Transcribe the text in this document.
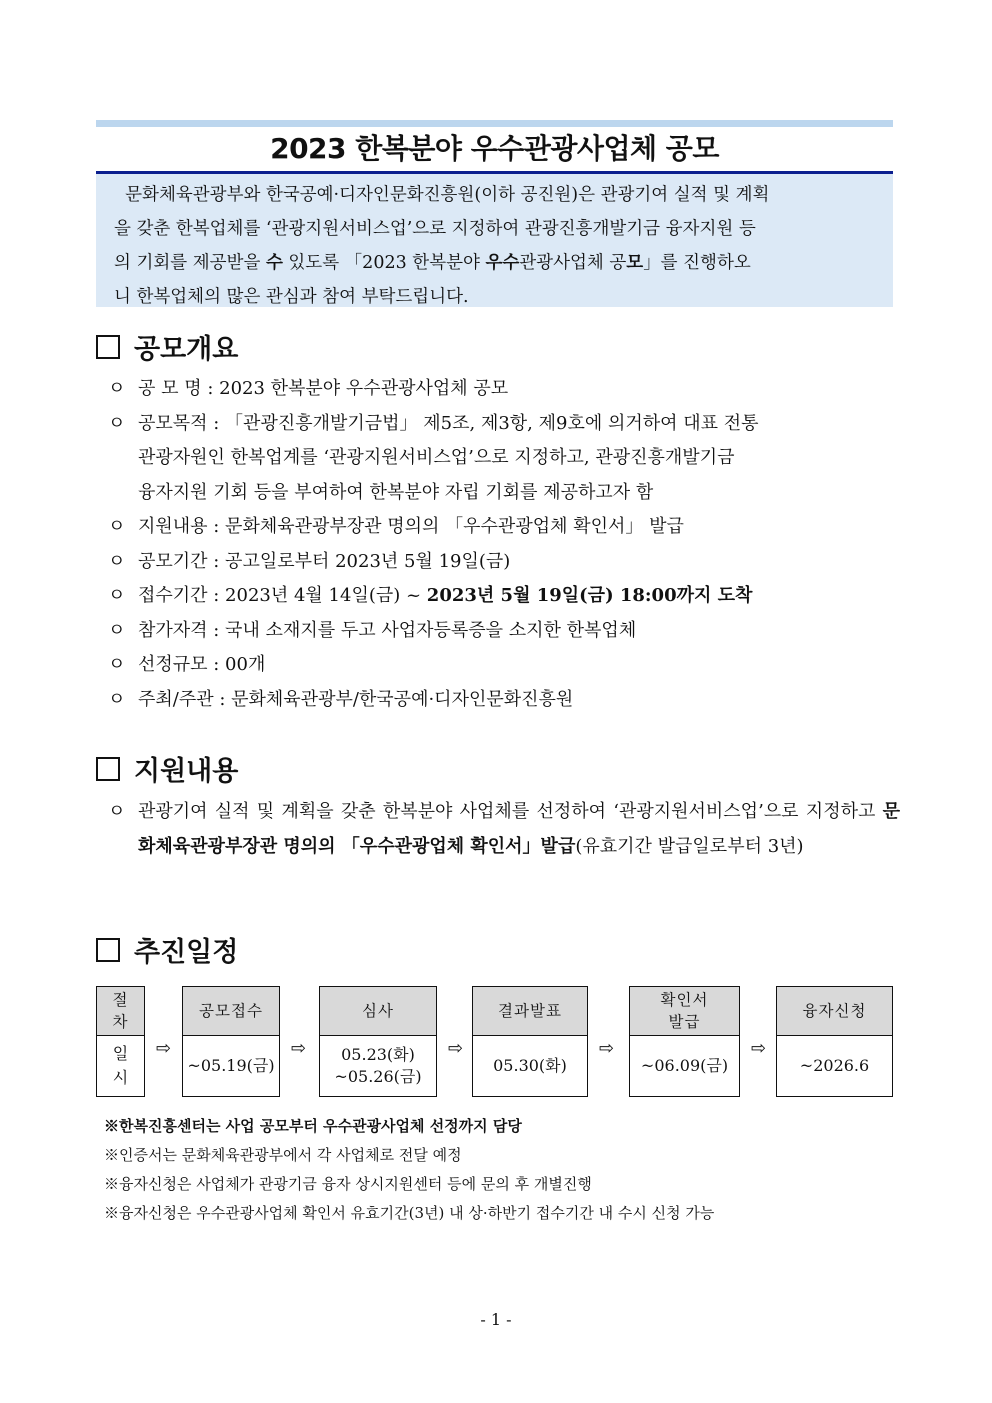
2023 한복분야 우수관광사업체 공모
문화체육관광부와 한국공예·디자인문화진흥원(이하 공진원)은 관광기여 실적 및 계획
을 갖춘 한복업체를 ‘관광지원서비스업’으로 지정하여 관광진흥개발기금 융자지원 등
의 기회를 제공받을 수 있도록 「2023 한복분야 우수관광사업체 공모」를 진행하오
니 한복업체의 많은 관심과 참여 부탁드립니다.
공모개요
ㅇ 공 모 명 : 2023 한복분야 우수관광사업체 공모
ㅇ 공모목적 : 「관광진흥개발기금법」 제5조, 제3항, 제9호에 의거하여 대표 전통
관광자원인 한복업계를 ‘관광지원서비스업’으로 지정하고, 관광진흥개발기금
융자지원 기회 등을 부여하여 한복분야 자립 기회를 제공하고자 함
ㅇ 지원내용 : 문화체육관광부장관 명의의 「우수관광업체 확인서」 발급
ㅇ 공모기간 : 공고일로부터 2023년 5월 19일(금)
ㅇ 접수기간 : 2023년 4월 14일(금) ~ 2023년 5월 19일(금) 18:00까지 도착
ㅇ 참가자격 : 국내 소재지를 두고 사업자등록증을 소지한 한복업체
ㅇ 선정규모 : 00개
ㅇ 주최/주관 : 문화체육관광부/한국공예·디자인문화진흥원
지원내용
ㅇ 관광기여 실적 및 계획을 갖춘 한복분야 사업체를 선정하여 ‘관광지원서비스업’으로 지정하고 문화체육관광부장관 명의의 「우수관광업체 확인서」발급(유효기간 발급일로부터 3년)
추진일정
절
차
일
시
⇨
공모접수
~05.19(금)
⇨
심사
05.23(화)
~05.26(금)
⇨
결과발표
05.30(화)
⇨
확인서
발급
~06.09(금)
⇨
융자신청
~2026.6

※한복진흥센터는 사업 공모부터 우수관광사업체 선정까지 담당

※인증서는 문화체육관광부에서 각 사업체로 전달 예정

※융자신청은 사업체가 관광기금 융자 상시지원센터 등에 문의 후 개별진행

※융자신청은 우수관광사업체 확인서 유효기간(3년) 내 상·하반기 접수기간 내 수시 신청 가능

- 1 -
